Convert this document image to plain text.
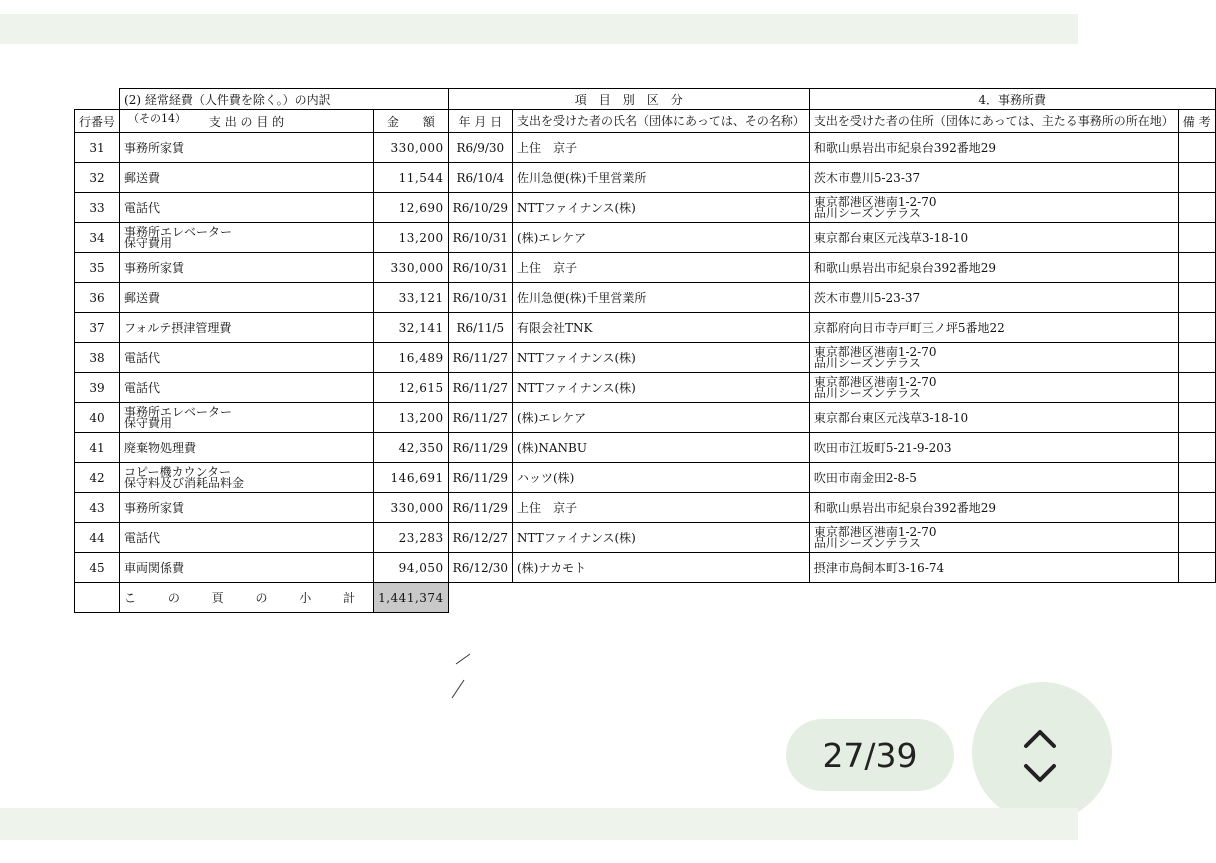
（その14）
	(2) 経常経費（人件費を除く。）の内訳		項　目　別　区　分		4．事務所費	
行番号	支 出 の 目 的	金　　額	年 月 日	支出を受けた者の氏名（団体にあっては、その名称）	支出を受けた者の住所（団体にあっては、主たる事務所の所在地）	備 考
31	事務所家賃	330,000	R6/9/30	上住　京子	和歌山県岩出市紀泉台392番地29	
32	郵送費	11,544	R6/10/4	佐川急便(株)千里営業所	茨木市豊川5-23-37	
33	電話代	12,690	R6/10/29	NTTファイナンス(株)	東京都港区港南1-2-70
品川シーズンテラス	
34	事務所エレベーター
保守費用	13,200	R6/10/31	(株)エレケア	東京都台東区元浅草3-18-10	
35	事務所家賃	330,000	R6/10/31	上住　京子	和歌山県岩出市紀泉台392番地29	
36	郵送費	33,121	R6/10/31	佐川急便(株)千里営業所	茨木市豊川5-23-37	
37	フォルテ摂津管理費	32,141	R6/11/5	有限会社TNK	京都府向日市寺戸町三ノ坪5番地22	
38	電話代	16,489	R6/11/27	NTTファイナンス(株)	東京都港区港南1-2-70
品川シーズンテラス	
39	電話代	12,615	R6/11/27	NTTファイナンス(株)	東京都港区港南1-2-70
品川シーズンテラス	
40	事務所エレベーター
保守費用	13,200	R6/11/27	(株)エレケア	東京都台東区元浅草3-18-10	
41	廃棄物処理費	42,350	R6/11/29	(株)NANBU	吹田市江坂町5-21-9-203	
42	コピー機カウンター
保守料及び消耗品料金	146,691	R6/11/29	ハッツ(株)	吹田市南金田2-8-5	
43	事務所家賃	330,000	R6/11/29	上住　京子	和歌山県岩出市紀泉台392番地29	
44	電話代	23,283	R6/12/27	NTTファイナンス(株)	東京都港区港南1-2-70
品川シーズンテラス	
45	車両関係費	94,050	R6/12/30	(株)ナカモト	摂津市鳥飼本町3-16-74	
	こ の 頁 の 小 計	1,441,374				
27/39
